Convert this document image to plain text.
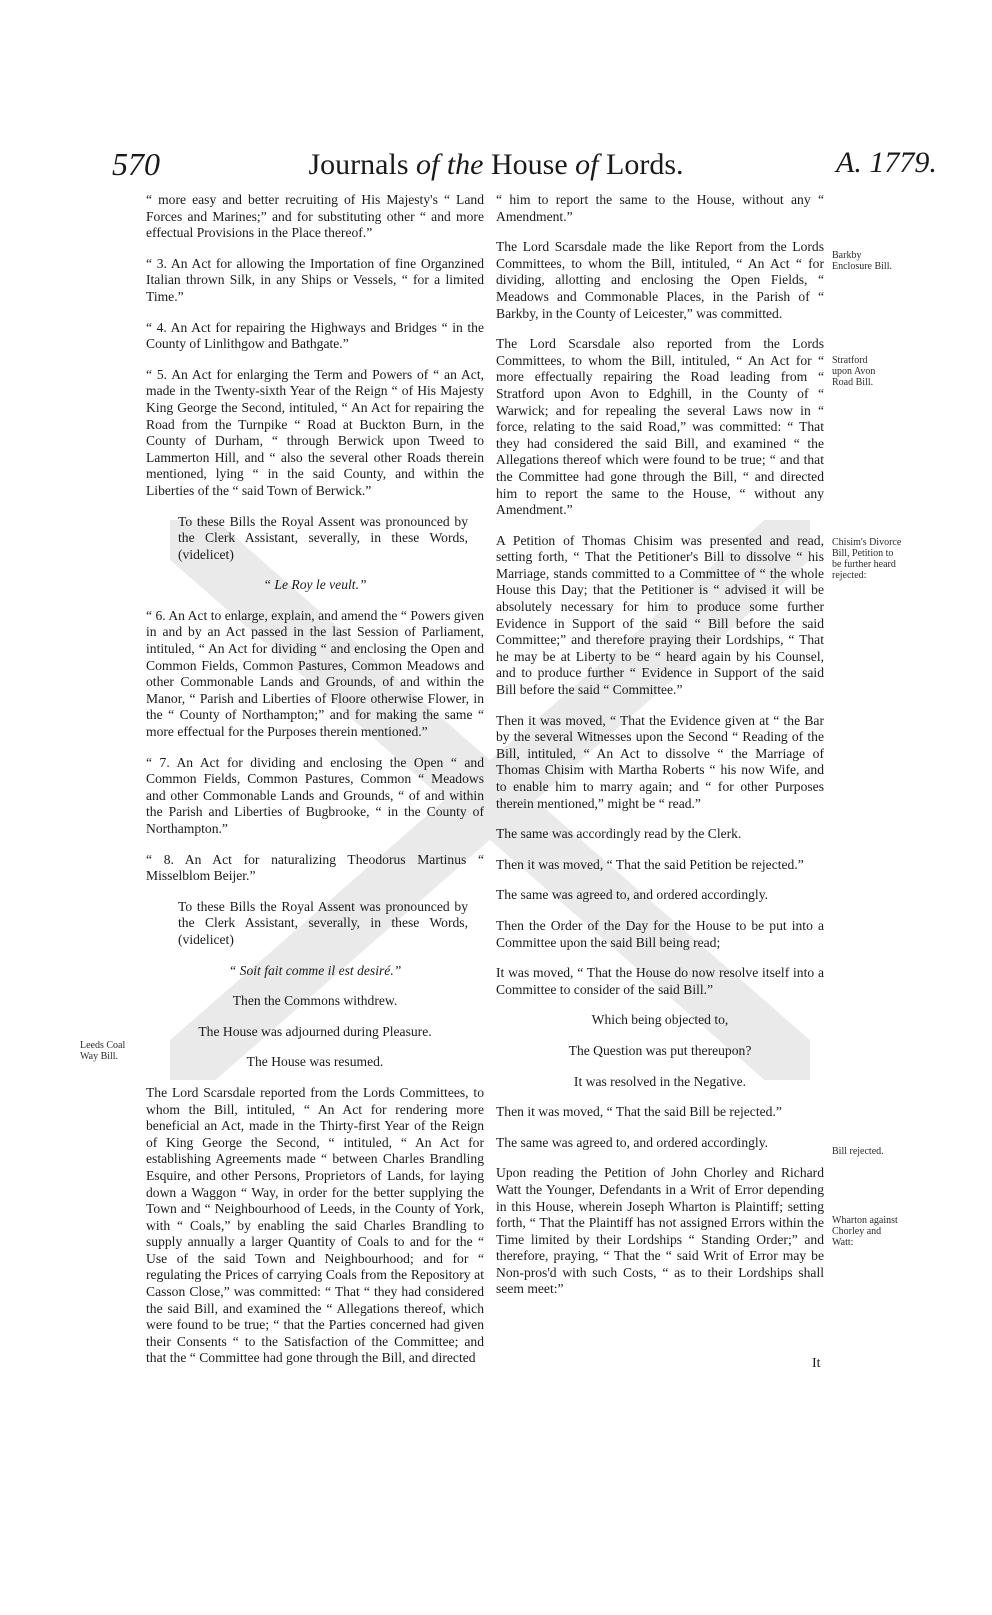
570	Journals of the House of Lords.	A. 1779.

“ more easy and better recruiting of His Majesty's “ Land Forces and Marines;” and for substituting other “ and more effectual Provisions in the Place thereof.”

“ 3. An Act for allowing the Importation of fine Organzined Italian thrown Silk, in any Ships or Vessels, “ for a limited Time.”

“ 4. An Act for repairing the Highways and Bridges “ in the County of Linlithgow and Bathgate.”

“ 5. An Act for enlarging the Term and Powers of “ an Act, made in the Twenty-sixth Year of the Reign “ of His Majesty King George the Second, intituled, “ An Act for repairing the Road from the Turnpike “ Road at Buckton Burn, in the County of Durham, “ through Berwick upon Tweed to Lammerton Hill, and “ also the several other Roads therein mentioned, lying “ in the said County, and within the Liberties of the “ said Town of Berwick.”

To these Bills the Royal Assent was pronounced by the Clerk Assistant, severally, in these Words, (videlicet)

“ Le Roy le veult.”

“ 6. An Act to enlarge, explain, and amend the “ Powers given in and by an Act passed in the last Session of Parliament, intituled, “ An Act for dividing “ and enclosing the Open and Common Fields, Common Pastures, Common Meadows and other Commonable Lands and Grounds, of and within the Manor, “ Parish and Liberties of Floore otherwise Flower, in the “ County of Northampton;” and for making the same “ more effectual for the Purposes therein mentioned.”

“ 7. An Act for dividing and enclosing the Open “ and Common Fields, Common Pastures, Common “ Meadows and other Commonable Lands and Grounds, “ of and within the Parish and Liberties of Bugbrooke, “ in the County of Northampton.”

“ 8. An Act for naturalizing Theodorus Martinus “ Misselblom Beijer.”

To these Bills the Royal Assent was pronounced by the Clerk Assistant, severally, in these Words, (videlicet)

“ Soit fait comme il est desiré.”

Then the Commons withdrew.

The House was adjourned during Pleasure.

The House was resumed.

The Lord Scarsdale reported from the Lords Committees, to whom the Bill, intituled, “ An Act for rendering more beneficial an Act, made in the Thirty-first Year of the Reign of King George the Second, “ intituled, “ An Act for establishing Agreements made “ between Charles Brandling Esquire, and other Persons, Proprietors of Lands, for laying down a Waggon “ Way, in order for the better supplying the Town and “ Neighbourhood of Leeds, in the County of York, with “ Coals,” by enabling the said Charles Brandling to supply annually a larger Quantity of Coals to and for the “ Use of the said Town and Neighbourhood; and for “ regulating the Prices of carrying Coals from the Repository at Casson Close,” was committed: “ That “ they had considered the said Bill, and examined the “ Allegations thereof, which were found to be true; “ that the Parties concerned had given their Consents “ to the Satisfaction of the Committee; and that the “ Committee had gone through the Bill, and directed

“ him to report the same to the House, without any “ Amendment.”

The Lord Scarsdale made the like Report from the Lords Committees, to whom the Bill, intituled, “ An Act “ for dividing, allotting and enclosing the Open Fields, “ Meadows and Commonable Places, in the Parish of “ Barkby, in the County of Leicester,” was committed.

The Lord Scarsdale also reported from the Lords Committees, to whom the Bill, intituled, “ An Act for “ more effectually repairing the Road leading from “ Stratford upon Avon to Edghill, in the County of “ Warwick; and for repealing the several Laws now in “ force, relating to the said Road,” was committed: “ That they had considered the said Bill, and examined “ the Allegations thereof which were found to be true; “ and that the Committee had gone through the Bill, “ and directed him to report the same to the House, “ without any Amendment.”

A Petition of Thomas Chisim was presented and read, setting forth, “ That the Petitioner's Bill to dissolve “ his Marriage, stands committed to a Committee of “ the whole House this Day; that the Petitioner is “ advised it will be absolutely necessary for him to produce some further Evidence in Support of the said “ Bill before the said Committee;” and therefore praying their Lordships, “ That he may be at Liberty to be “ heard again by his Counsel, and to produce further “ Evidence in Support of the said Bill before the said “ Committee.”

Then it was moved, “ That the Evidence given at “ the Bar by the several Witnesses upon the Second “ Reading of the Bill, intituled, “ An Act to dissolve “ the Marriage of Thomas Chisim with Martha Roberts “ his now Wife, and to enable him to marry again; and “ for other Purposes therein mentioned,” might be “ read.”

The same was accordingly read by the Clerk.

Then it was moved, “ That the said Petition be rejected.”

The same was agreed to, and ordered accordingly.

Then the Order of the Day for the House to be put into a Committee upon the said Bill being read;

It was moved, “ That the House do now resolve itself into a Committee to consider of the said Bill.”

Which being objected to,

The Question was put thereupon?

It was resolved in the Negative.

Then it was moved, “ That the said Bill be rejected.”

The same was agreed to, and ordered accordingly.

Upon reading the Petition of John Chorley and Richard Watt the Younger, Defendants in a Writ of Error depending in this House, wherein Joseph Wharton is Plaintiff; setting forth, “ That the Plaintiff has not assigned Errors within the Time limited by their Lordships “ Standing Order;” and therefore, praying, “ That the “ said Writ of Error may be Non-pros'd with such Costs, “ as to their Lordships shall seem meet:”

Leeds Coal Way Bill.
Barkby Enclosure Bill.
Stratford upon Avon Road Bill.
Chisim's Divorce Bill, Petition to be further heard rejected:
Bill rejected.
Wharton against Chorley and Watt:
It
